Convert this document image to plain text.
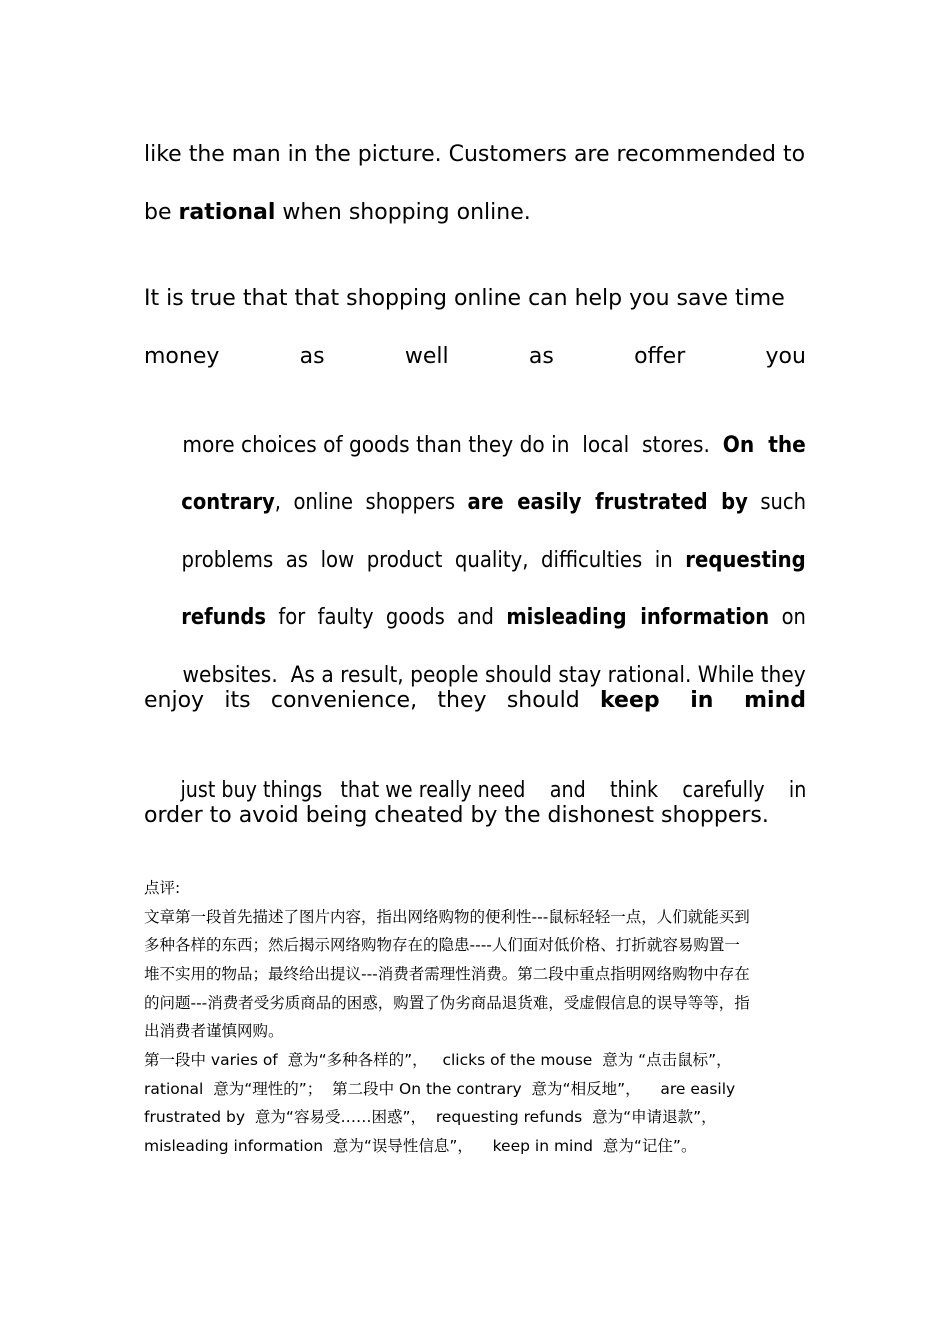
like the man in the picture. Customers are recommended to
be rational when shopping online.
It is true that that shopping online can help you save time
money	as	well	as	offer	you

more choices of goods than they do in  local  stores.  On  the

contrary,  online  shoppers  are  easily  frustrated  by  such

problems  as  low  product  quality,  difficulties  in  requesting

refunds  for  faulty  goods  and  misleading  information  on

websites.  As a result, people should stay rational. While they

enjoy its convenience, they should keep    in    mind

just buy things   that we really need    and    think    carefully    in

order to avoid being cheated by the dishonest shoppers.
点评:
文章第一段首先描述了图片内容，指出网络购物的便利性---鼠标轻轻一点，人们就能买到
多种各样的东西；然后揭示网络购物存在的隐患----人们面对低价格、打折就容易购置一
堆不实用的物品；最终给出提议---消费者需理性消费。第二段中重点指明网络购物中存在
的问题---消费者受劣质商品的困惑，购置了伪劣商品退货难，受虚假信息的误导等等，指
出消费者谨慎网购。
第一段中 varies of  意为“多种各样的”，   clicks of the mouse  意为 “点击鼠标”，
rational  意为“理性的”；  第二段中 On the contrary  意为“相反地”，    are easily
frustrated by  意为“容易受……困惑”，  requesting refunds  意为“申请退款”，
misleading information  意为“误导性信息”，    keep in mind  意为“记住”。
